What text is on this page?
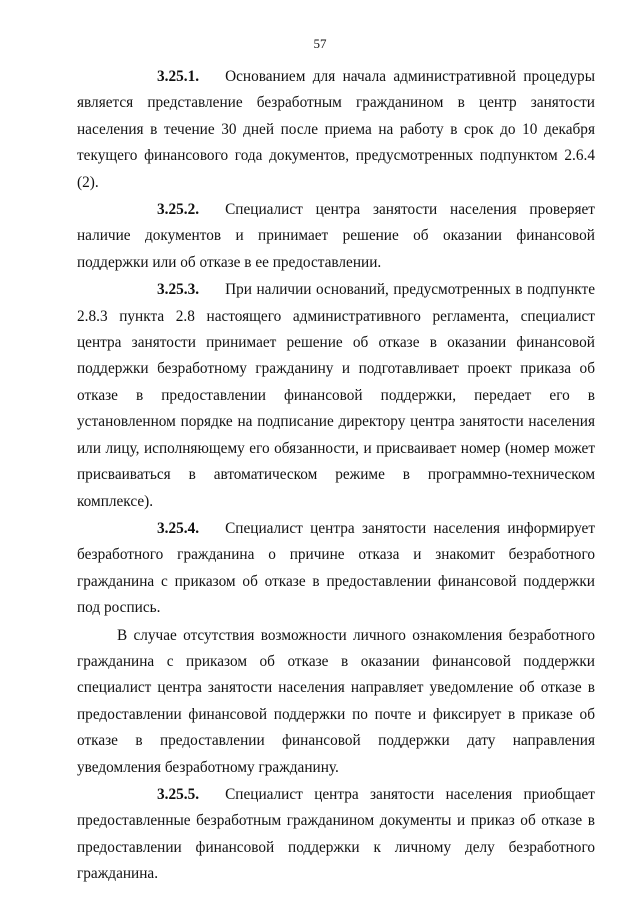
57

3.25.1. Основанием для начала административной процедуры является представление безработным гражданином в центр занятости населения в течение 30 дней после приема на работу в срок до 10 декабря текущего финансового года документов, предусмотренных подпунктом 2.6.4 (2).

3.25.2. Специалист центра занятости населения проверяет наличие документов и принимает решение об оказании финансовой поддержки или об отказе в ее предоставлении.

3.25.3. При наличии оснований, предусмотренных в подпункте 2.8.3 пункта 2.8 настоящего административного регламента, специалист центра занятости принимает решение об отказе в оказании финансовой поддержки безработному гражданину и подготавливает проект приказа об отказе в предоставлении финансовой поддержки, передает его в установленном порядке на подписание директору центра занятости населения или лицу, исполняющему его обязанности, и присваивает номер (номер может присваиваться в автоматическом режиме в программно-техническом комплексе).

3.25.4. Специалист центра занятости населения информирует безработного гражданина о причине отказа и знакомит безработного гражданина с приказом об отказе в предоставлении финансовой поддержки под роспись.

В случае отсутствия возможности личного ознакомления безработного гражданина с приказом об отказе в оказании финансовой поддержки специалист центра занятости населения направляет уведомление об отказе в предоставлении финансовой поддержки по почте и фиксирует в приказе об отказе в предоставлении финансовой поддержки дату направления уведомления безработному гражданину.

3.25.5. Специалист центра занятости населения приобщает предоставленные безработным гражданином документы и приказ об отказе в предоставлении финансовой поддержки к личному делу безработного гражданина.
